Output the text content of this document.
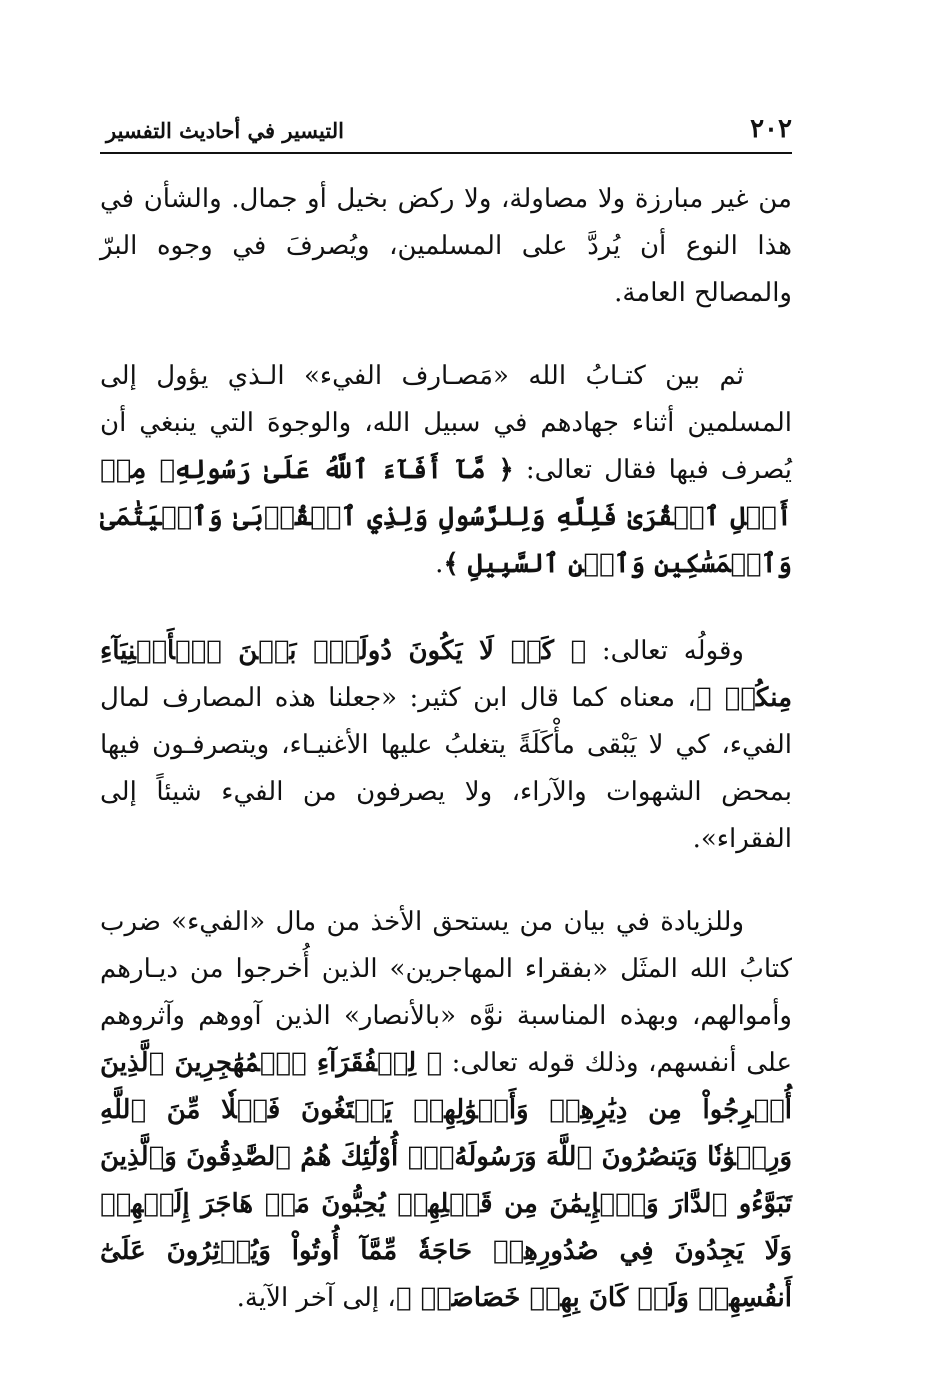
٢٠٢
التيسير في أحاديث التفسير

من غير مبارزة ولا مصاولة، ولا ركض بخيل أو جمال. والشأن في هذا النوع أن يُردَّ على المسلمين، ويُصرفَ في وجوه البرّ والمصالح العامة.

ثم بين كتـابُ الله «مَصـارف الفيء» الـذي يؤول إلى المسلمين أثناء جهادهم في سبيل الله، والوجوهَ التي ينبغي أن يُصرف فيها فقال تعالى: ﴿ مَّآ أَفَآءَ ٱللَّهُ عَلَىٰ رَسُولِهِۦ مِنۡ أَهۡلِ ٱلۡقُرَىٰ فَلِلَّهِ وَلِلرَّسُولِ وَلِذِي ٱلۡقُرۡبَىٰ وَٱلۡيَتَٰمَىٰ وَٱلۡمَسَٰكِينِ وَٱبۡنِ ٱلسَّبِيلِ ﴾.

وقولُه تعالى: ﴿ كَيۡ لَا يَكُونَ دُولَةَۢ بَيۡنَ ٱلۡأَغۡنِيَآءِ مِنكُمۡ ﴾، معناه كما قال ابن كثير: «جعلنا هذه المصارف لمال الفيء، كي لا يَبْقى مأْكَلَةً يتغلبُ عليها الأغنيـاء، ويتصرفـون فيها بمحض الشهوات والآراء، ولا يصرفون من الفيء شيئاً إلى الفقراء».

وللزيادة في بيان من يستحق الأخذ من مال «الفيء» ضرب كتابُ الله المثَل «بفقراء المهاجرين» الذين أُخرجوا من ديـارهم وأموالهم، وبهذه المناسبة نوَّه «بالأنصار» الذين آووهم وآثروهم على أنفسهم، وذلك قوله تعالى: ﴿ لِلۡفُقَرَآءِ ٱلۡمُهَٰجِرِينَ ٱلَّذِينَ أُخۡرِجُواْ مِن دِيَٰرِهِمۡ وَأَمۡوَٰلِهِمۡ يَبۡتَغُونَ فَضۡلٗا مِّنَ ٱللَّهِ وَرِضۡوَٰنٗا وَيَنصُرُونَ ٱللَّهَ وَرَسُولَهُۥٓۚ أُوْلَٰٓئِكَ هُمُ ٱلصَّٰدِقُونَ وَٱلَّذِينَ تَبَوَّءُو ٱلدَّارَ وَٱلۡإِيمَٰنَ مِن قَبۡلِهِمۡ يُحِبُّونَ مَنۡ هَاجَرَ إِلَيۡهِمۡ وَلَا يَجِدُونَ فِي صُدُورِهِمۡ حَاجَةٗ مِّمَّآ أُوتُواْ وَيُؤۡثِرُونَ عَلَىٰٓ أَنفُسِهِمۡ وَلَوۡ كَانَ بِهِمۡ خَصَاصَةٞ ﴾، إلى آخر الآية.
